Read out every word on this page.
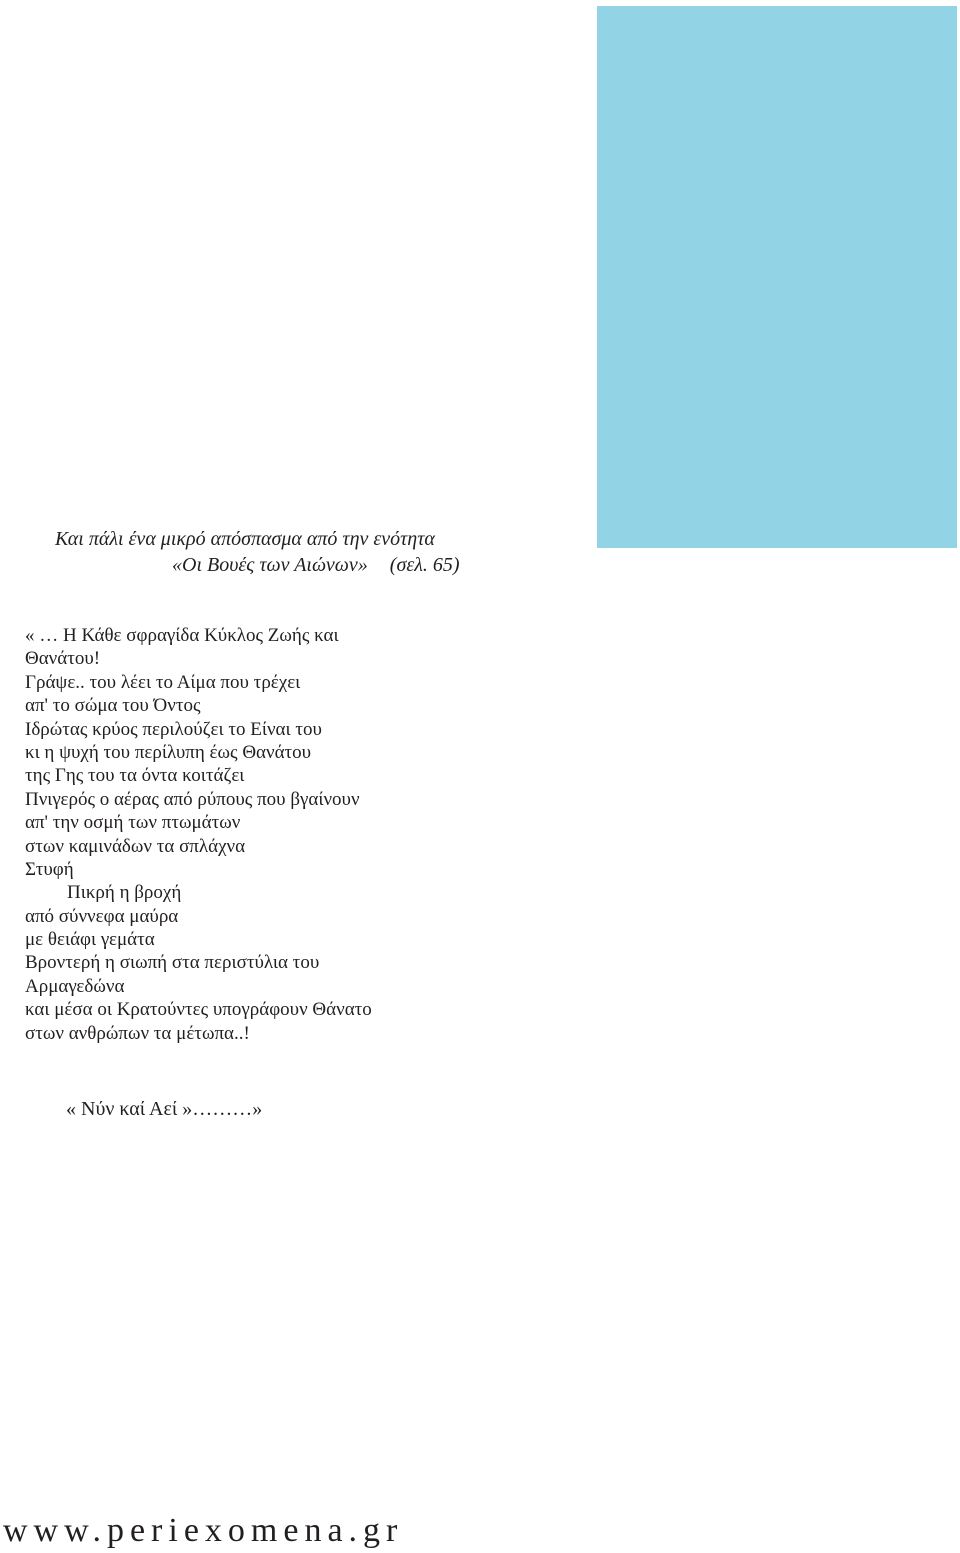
Και πάλι ένα μικρό απόσπασμα από την ενότητα
«Οι Βουές των Αιώνων» (σελ. 65)
« … Η Κάθε σφραγίδα Κύκλος Ζωής και
Θανάτου!
Γράψε.. του λέει το Αίμα που τρέχει
απ' το σώμα του Όντος
Ιδρώτας κρύος περιλούζει το Είναι του
κι η ψυχή του περίλυπη έως Θανάτου
της Γης του τα όντα κοιτάζει
Πνιγερός ο αέρας από ρύπους που βγαίνουν
απ' την οσμή των πτωμάτων
στων καμινάδων τα σπλάχνα
Στυφή
Πικρή η βροχή
από σύννεφα μαύρα
με θειάφι γεμάτα
Βροντερή η σιωπή στα περιστύλια του
Αρμαγεδώνα
και μέσα οι Κρατούντες υπογράφουν Θάνατο
στων ανθρώπων τα μέτωπα..!
« Νύν καί Αεί »………»
www.periexomena.gr
